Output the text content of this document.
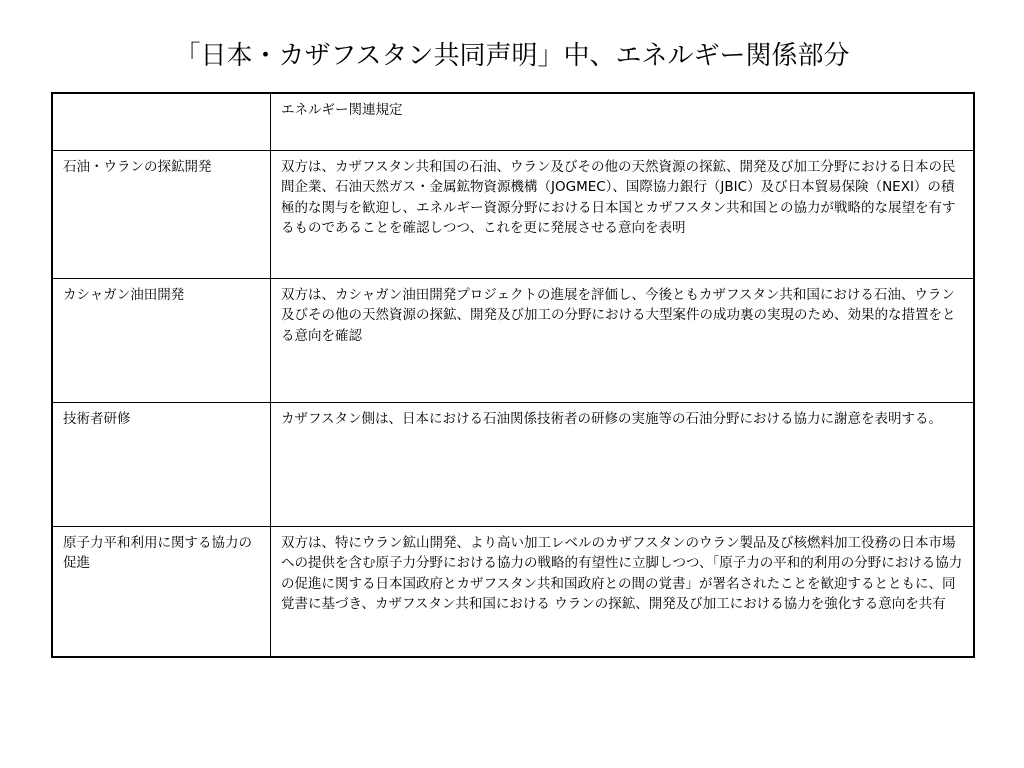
「日本・カザフスタン共同声明」中、エネルギー関係部分
	エネルギー関連規定
石油・ウランの探鉱開発	双方は、カザフスタン共和国の石油、ウラン及びその他の天然資源の探鉱、開発及び加工分野における日本の民間企業、石油天然ガス・金属鉱物資源機構（JOGMEC）、国際協力銀行（JBIC）及び日本貿易保険（NEXI）の積極的な関与を歓迎し、エネルギー資源分野における日本国とカザフスタン共和国との協力が戦略的な展望を有するものであることを確認しつつ、これを更に発展させる意向を表明
カシャガン油田開発	双方は、カシャガン油田開発プロジェクトの進展を評価し、今後ともカザフスタン共和国における石油、ウラン及びその他の天然資源の探鉱、開発及び加工の分野における大型案件の成功裏の実現のため、効果的な措置をとる意向を確認
技術者研修	カザフスタン側は、日本における石油関係技術者の研修の実施等の石油分野における協力に謝意を表明する。
原子力平和利用に関する協力の促進	双方は、特にウラン鉱山開発、より高い加工レベルのカザフスタンのウラン製品及び核燃料加工役務の日本市場への提供を含む原子力分野における協力の戦略的有望性に立脚しつつ、「原子力の平和的利用の分野における協力の促進に関する日本国政府とカザフスタン共和国政府との間の覚書」が署名されたことを歓迎するとともに、同覚書に基づき、カザフスタン共和国における ウランの探鉱、開発及び加工における協力を強化する意向を共有
